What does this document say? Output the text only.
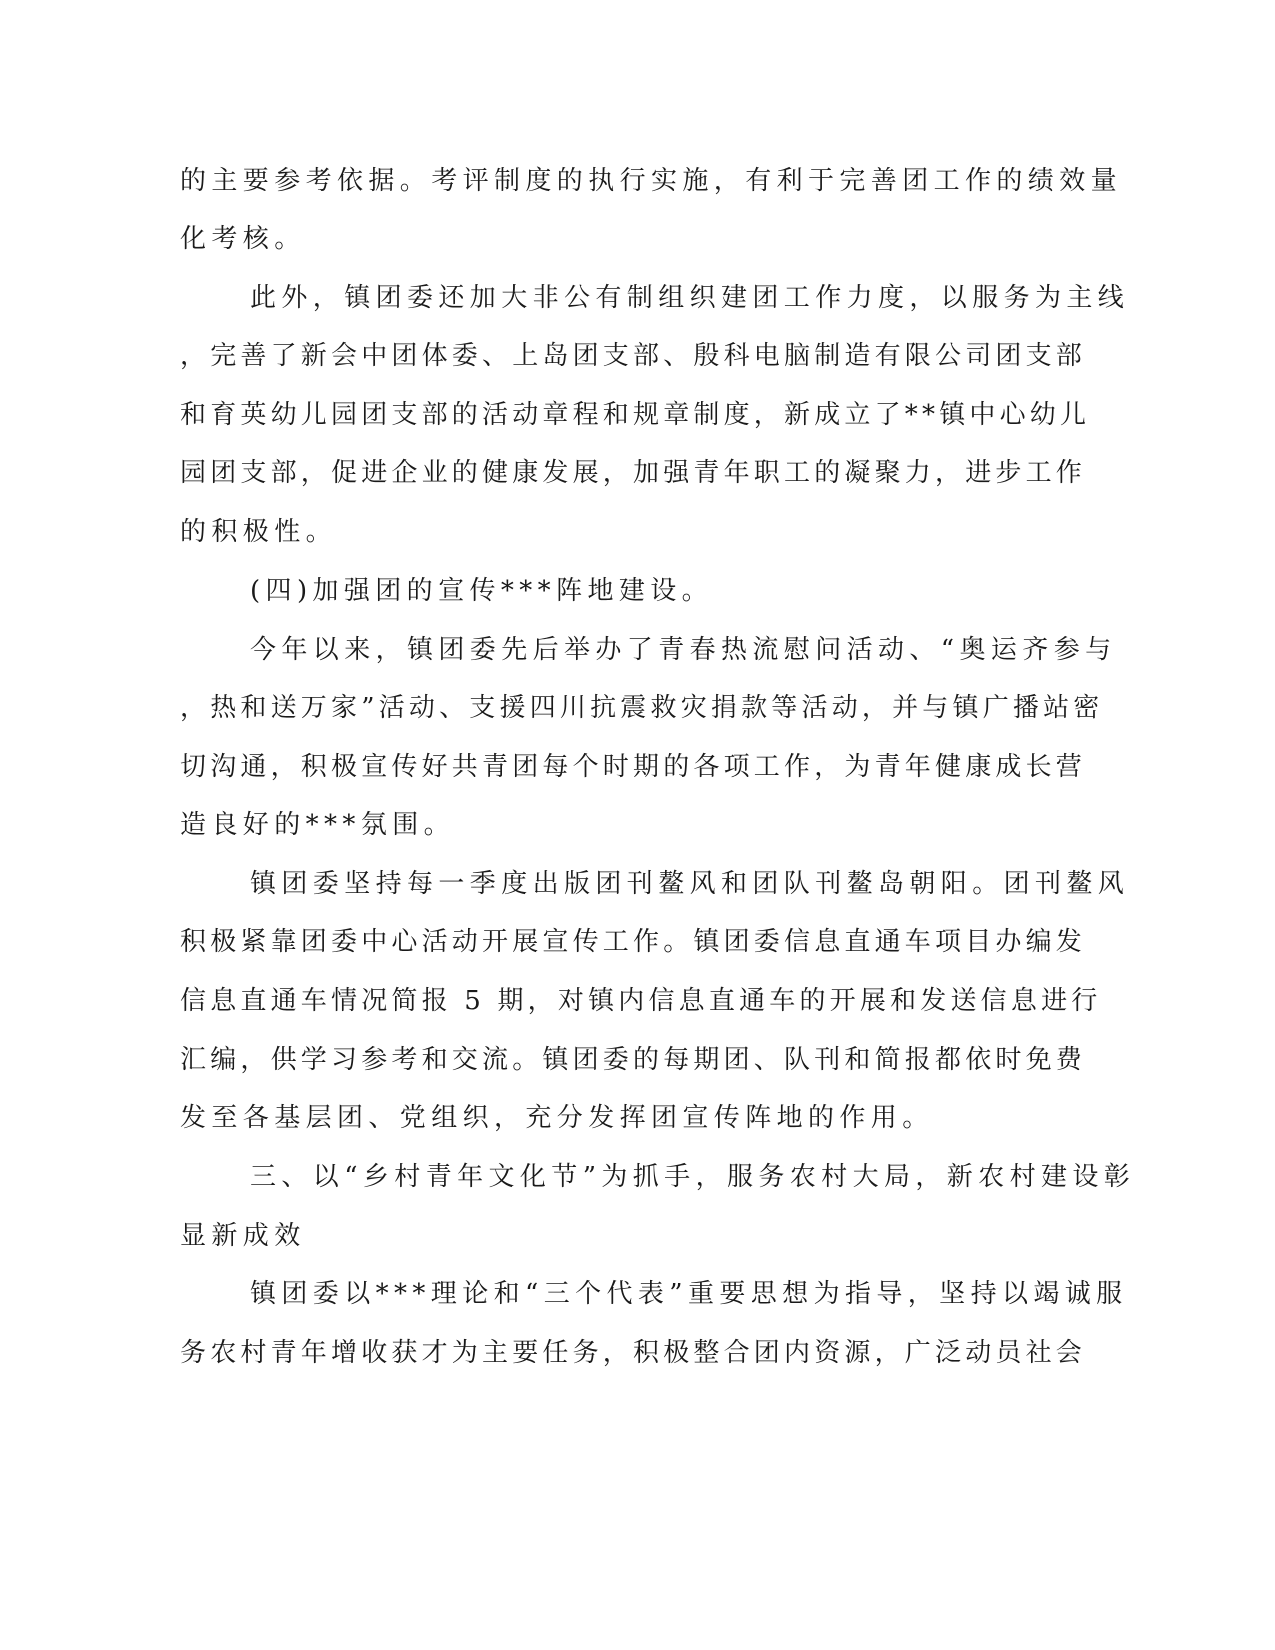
的主要参考依据。考评制度的执行实施，有利于完善团工作的绩效量
化考核。
此外，镇团委还加大非公有制组织建团工作力度，以服务为主线
，完善了新会中团体委、上岛团支部、殷科电脑制造有限公司团支部
和育英幼儿园团支部的活动章程和规章制度，新成立了**镇中心幼儿
园团支部，促进企业的健康发展，加强青年职工的凝聚力，进步工作
的积极性。
(四)加强团的宣传***阵地建设。
今年以来，镇团委先后举办了青春热流慰问活动、“奥运齐参与
，热和送万家”活动、支援四川抗震救灾捐款等活动，并与镇广播站密
切沟通，积极宣传好共青团每个时期的各项工作，为青年健康成长营
造良好的***氛围。
镇团委坚持每一季度出版团刊鳌风和团队刊鳌岛朝阳。团刊鳌风
积极紧靠团委中心活动开展宣传工作。镇团委信息直通车项目办编发
信息直通车情况简报 5 期，对镇内信息直通车的开展和发送信息进行
汇编，供学习参考和交流。镇团委的每期团、队刊和简报都依时免费
发至各基层团、党组织，充分发挥团宣传阵地的作用。
三、以“乡村青年文化节”为抓手，服务农村大局，新农村建设彰
显新成效
镇团委以***理论和“三个代表”重要思想为指导，坚持以竭诚服
务农村青年增收获才为主要任务，积极整合团内资源，广泛动员社会
